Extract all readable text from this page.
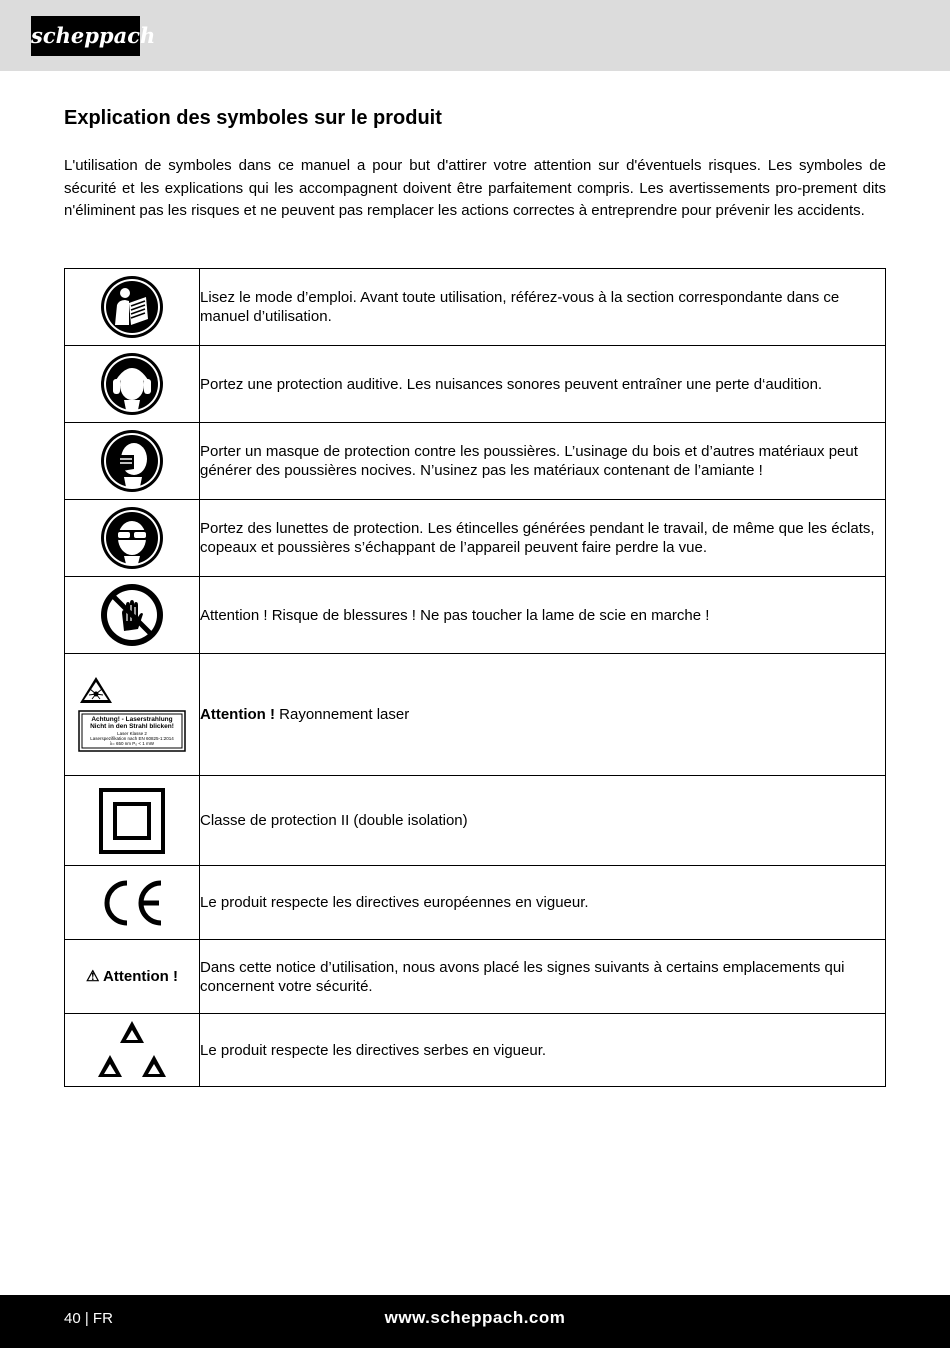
scheppach
Explication des symboles sur le produit

L'utilisation de symboles dans ce manuel a pour but d'attirer votre attention sur d'éventuels risques. Les symboles de sécurité et les explications qui les accompagnent doivent être parfaitement compris. Les avertissements pro-prement dits n'éliminent pas les risques et ne peuvent pas remplacer les actions correctes à entreprendre pour prévenir les accidents.

	Lisez le mode d’emploi. Avant toute utilisation, référez-vous à la section correspondante dans ce manuel d’utilisation.

	Portez une protection auditive. Les nuisances sonores peuvent entraîner une perte d‘audition.

	Porter un masque de protection contre les poussières. L’usinage du bois et d’autres matériaux peut générer des poussières nocives. N’usinez pas les matériaux contenant de l’amiante !

	Portez des lunettes de protection. Les étincelles générées pendant le travail, de même que les éclats, copeaux et poussières s’échappant de l’appareil peuvent faire perdre la vue.

	Attention ! Risque de blessures ! Ne pas toucher la lame de scie en marche !

Achtung! - Laserstrahlung
Nicht in den Strahl blicken!
Laser Klasse 2
Laserspezifikation nach EN 60825-1:2014
λ= 650 nm P₀ < 1 mW	Attention ! Rayonnement laser

	Classe de protection II (double isolation)

	Le produit respecte les directives européennes en vigueur.
⚠ Attention !	Dans cette notice d’utilisation, nous avons placé les signes suivants à certains emplacements qui concernent votre sécurité.

	Le produit respecte les directives serbes en vigueur.
40 | FR	www.scheppach.com
